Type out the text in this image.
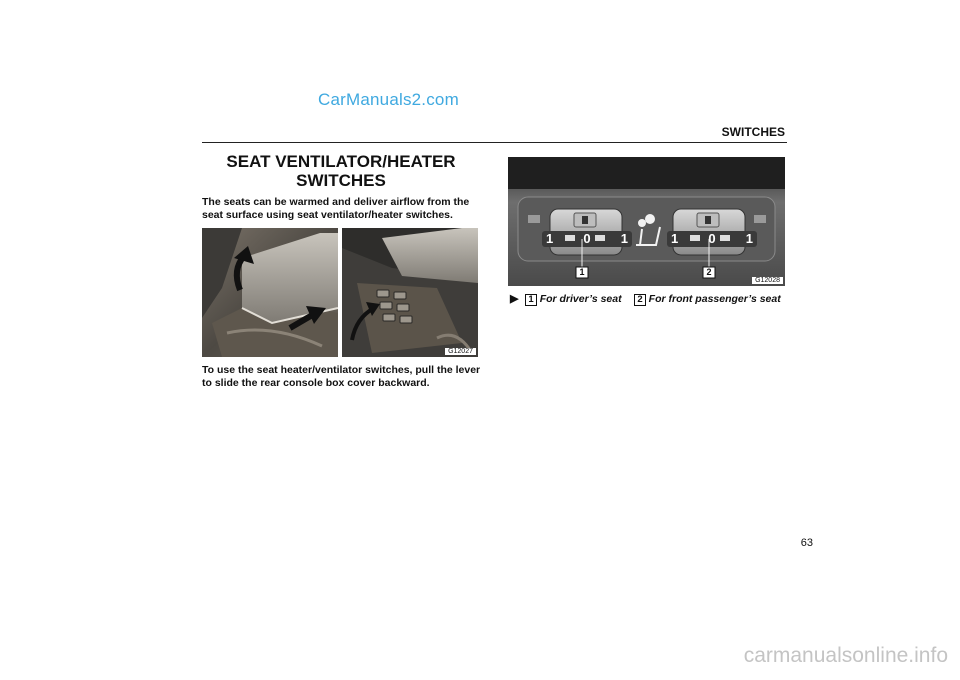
CarManuals2.com
SWITCHES
SEAT VENTILATOR/HEATER
SWITCHES
The seats can be warmed and deliver airflow from the seat surface using seat ventilator/heater switches.
G12027
To use the seat heater/ventilator switches, pull the lever to slide the rear console box cover backward.
1 0 1	1 0 1
1	2
G12028
▶ 1 For driver’s seat 2 For front passenger’s seat
63
carmanualsonline.info
